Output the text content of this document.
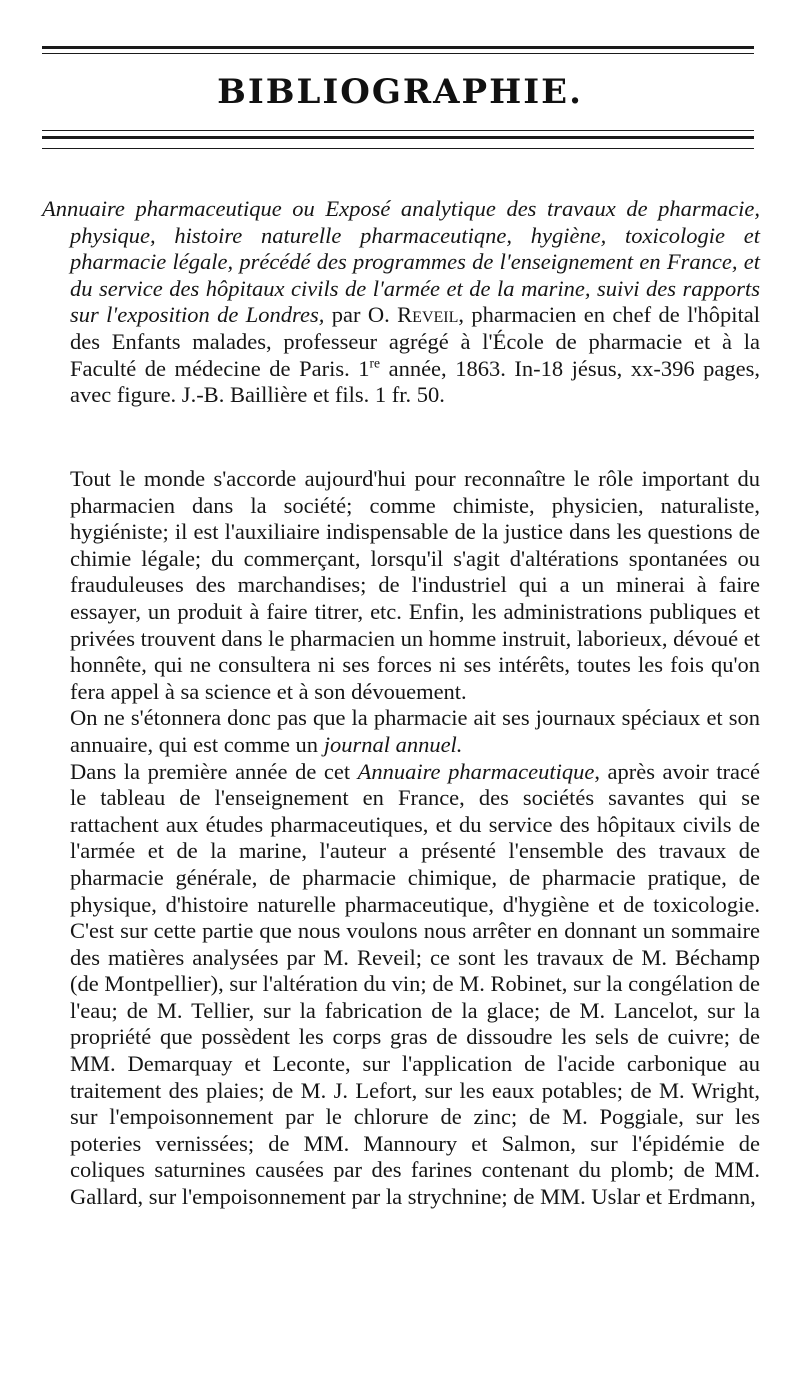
BIBLIOGRAPHIE.

Annuaire pharmaceutique ou Exposé analytique des travaux de pharmacie, physique, histoire naturelle pharmaceutiqne, hygiène, toxicologie et pharmacie légale, précédé des programmes de l'enseignement en France, et du service des hôpitaux civils de l'armée et de la marine, suivi des rapports sur l'exposition de Londres, par O. Reveil, pharmacien en chef de l'hôpital des Enfants malades, professeur agrégé à l'École de pharmacie et à la Faculté de médecine de Paris. 1re année, 1863. In-18 jésus, xx-396 pages, avec figure. J.-B. Baillière et fils. 1 fr. 50.

Tout le monde s'accorde aujourd'hui pour reconnaître le rôle important du pharmacien dans la société; comme chimiste, physicien, naturaliste, hygiéniste; il est l'auxiliaire indispensable de la justice dans les questions de chimie légale; du commerçant, lorsqu'il s'agit d'altérations spontanées ou frauduleuses des marchandises; de l'industriel qui a un minerai à faire essayer, un produit à faire titrer, etc. Enfin, les administrations publiques et privées trouvent dans le pharmacien un homme instruit, laborieux, dévoué et honnête, qui ne consultera ni ses forces ni ses intérêts, toutes les fois qu'on fera appel à sa science et à son dévouement.

On ne s'étonnera donc pas que la pharmacie ait ses journaux spéciaux et son annuaire, qui est comme un journal annuel.

Dans la première année de cet Annuaire pharmaceutique, après avoir tracé le tableau de l'enseignement en France, des sociétés savantes qui se rattachent aux études pharmaceutiques, et du service des hôpitaux civils de l'armée et de la marine, l'auteur a présenté l'ensemble des travaux de pharmacie générale, de pharmacie chimique, de pharmacie pratique, de physique, d'histoire naturelle pharmaceutique, d'hygiène et de toxicologie. C'est sur cette partie que nous voulons nous arrêter en donnant un sommaire des matières analysées par M. Reveil; ce sont les travaux de M. Béchamp (de Montpellier), sur l'altération du vin; de M. Robinet, sur la congélation de l'eau; de M. Tellier, sur la fabrication de la glace; de M. Lancelot, sur la propriété que possèdent les corps gras de dissoudre les sels de cuivre; de MM. Demarquay et Leconte, sur l'application de l'acide carbonique au traitement des plaies; de M. J. Lefort, sur les eaux potables; de M. Wright, sur l'empoisonnement par le chlorure de zinc; de M. Poggiale, sur les poteries vernissées; de MM. Mannoury et Salmon, sur l'épidémie de coliques saturnines causées par des farines contenant du plomb; de MM. Gallard, sur l'empoisonnement par la strychnine; de MM. Uslar et Erdmann,
